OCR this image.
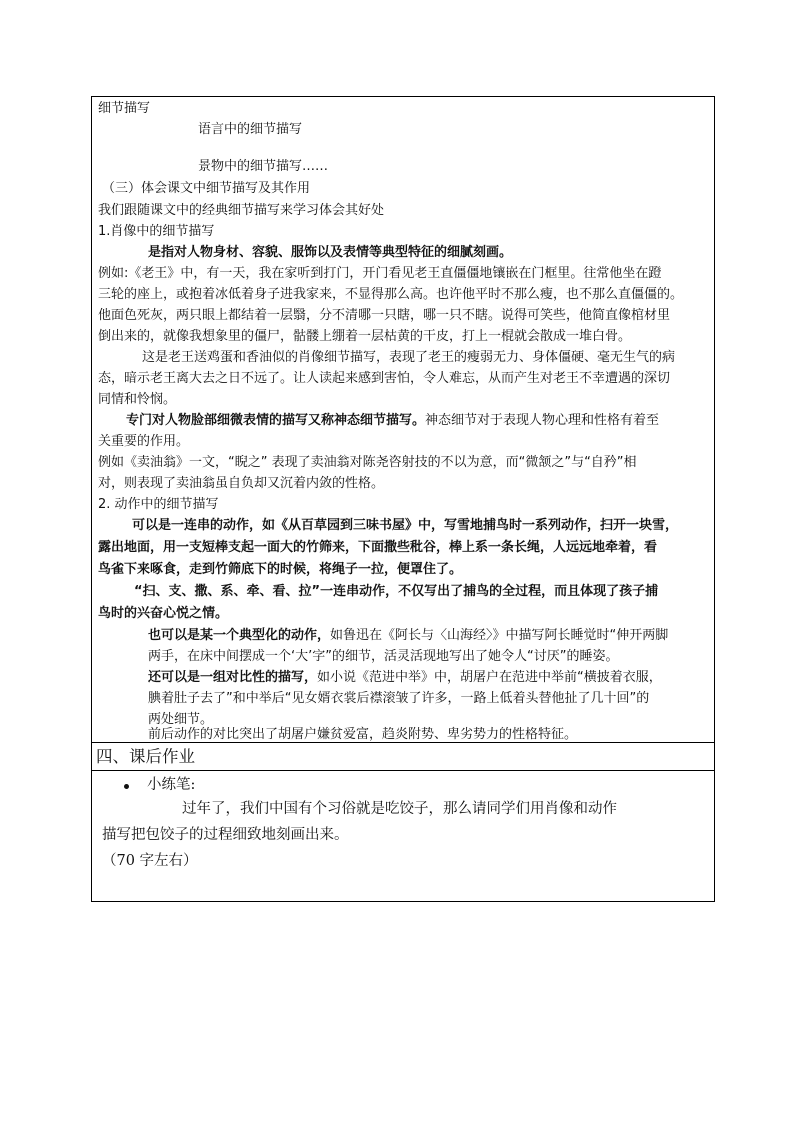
细节描写
语言中的细节描写
景物中的细节描写……
（三）体会课文中细节描写及其作用
我们跟随课文中的经典细节描写来学习体会其好处
1.肖像中的细节描写
是指对人物身材、容貌、服饰以及表情等典型特征的细腻刻画。
例如:《老王》中，有一天，我在家听到打门，开门看见老王直僵僵地镶嵌在门框里。往常他坐在蹬
三轮的座上，或抱着冰低着身子进我家来，不显得那么高。也许他平时不那么瘦，也不那么直僵僵的。
他面色死灰，两只眼上都结着一层翳，分不清哪一只瞎，哪一只不瞎。说得可笑些，他简直像棺材里
倒出来的，就像我想象里的僵尸，骷髅上绷着一层枯黄的干皮，打上一棍就会散成一堆白骨。
这是老王送鸡蛋和香油似的肖像细节描写，表现了老王的瘦弱无力、身体僵硬、毫无生气的病
态，暗示老王离大去之日不远了。让人读起来感到害怕，令人难忘，从而产生对老王不幸遭遇的深切
同情和怜悯。
专门对人物脸部细微表情的描写又称神态细节描写。神态细节对于表现人物心理和性格有着至
关重要的作用。
例如《卖油翁》一文，“睨之” 表现了卖油翁对陈尧咨射技的不以为意，而“微颔之”与“自矜”相
对，则表现了卖油翁虽自负却又沉着内敛的性格。
2. 动作中的细节描写
可以是一连串的动作，如《从百草园到三味书屋》中，写雪地捕鸟时一系列动作，扫开一块雪，
露出地面，用一支短棒支起一面大的竹筛来，下面撒些秕谷，棒上系一条长绳，人远远地牵着，看
鸟雀下来啄食，走到竹筛底下的时候，将绳子一拉，便罩住了。
“扫、支、撒、系、牵、看、拉”一连串动作，不仅写出了捕鸟的全过程，而且体现了孩子捕
鸟时的兴奋心悦之情。
也可以是某一个典型化的动作，如鲁迅在《阿长与〈山海经〉》中描写阿长睡觉时“伸开两脚
两手，在床中间摆成一个‘大’字”的细节，活灵活现地写出了她令人“讨厌”的睡姿。
还可以是一组对比性的描写，如小说《范进中举》中，胡屠户在范进中举前“横披着衣服，
腆着肚子去了”和中举后“见女婿衣裳后襟滚皱了许多，一路上低着头替他扯了几十回”的
两处细节。
前后动作的对比突出了胡屠户嫌贫爱富，趋炎附势、卑劣势力的性格特征。
四、课后作业
小练笔:
过年了，我们中国有个习俗就是吃饺子，那么请同学们用肖像和动作
描写把包饺子的过程细致地刻画出来。
（70 字左右）
